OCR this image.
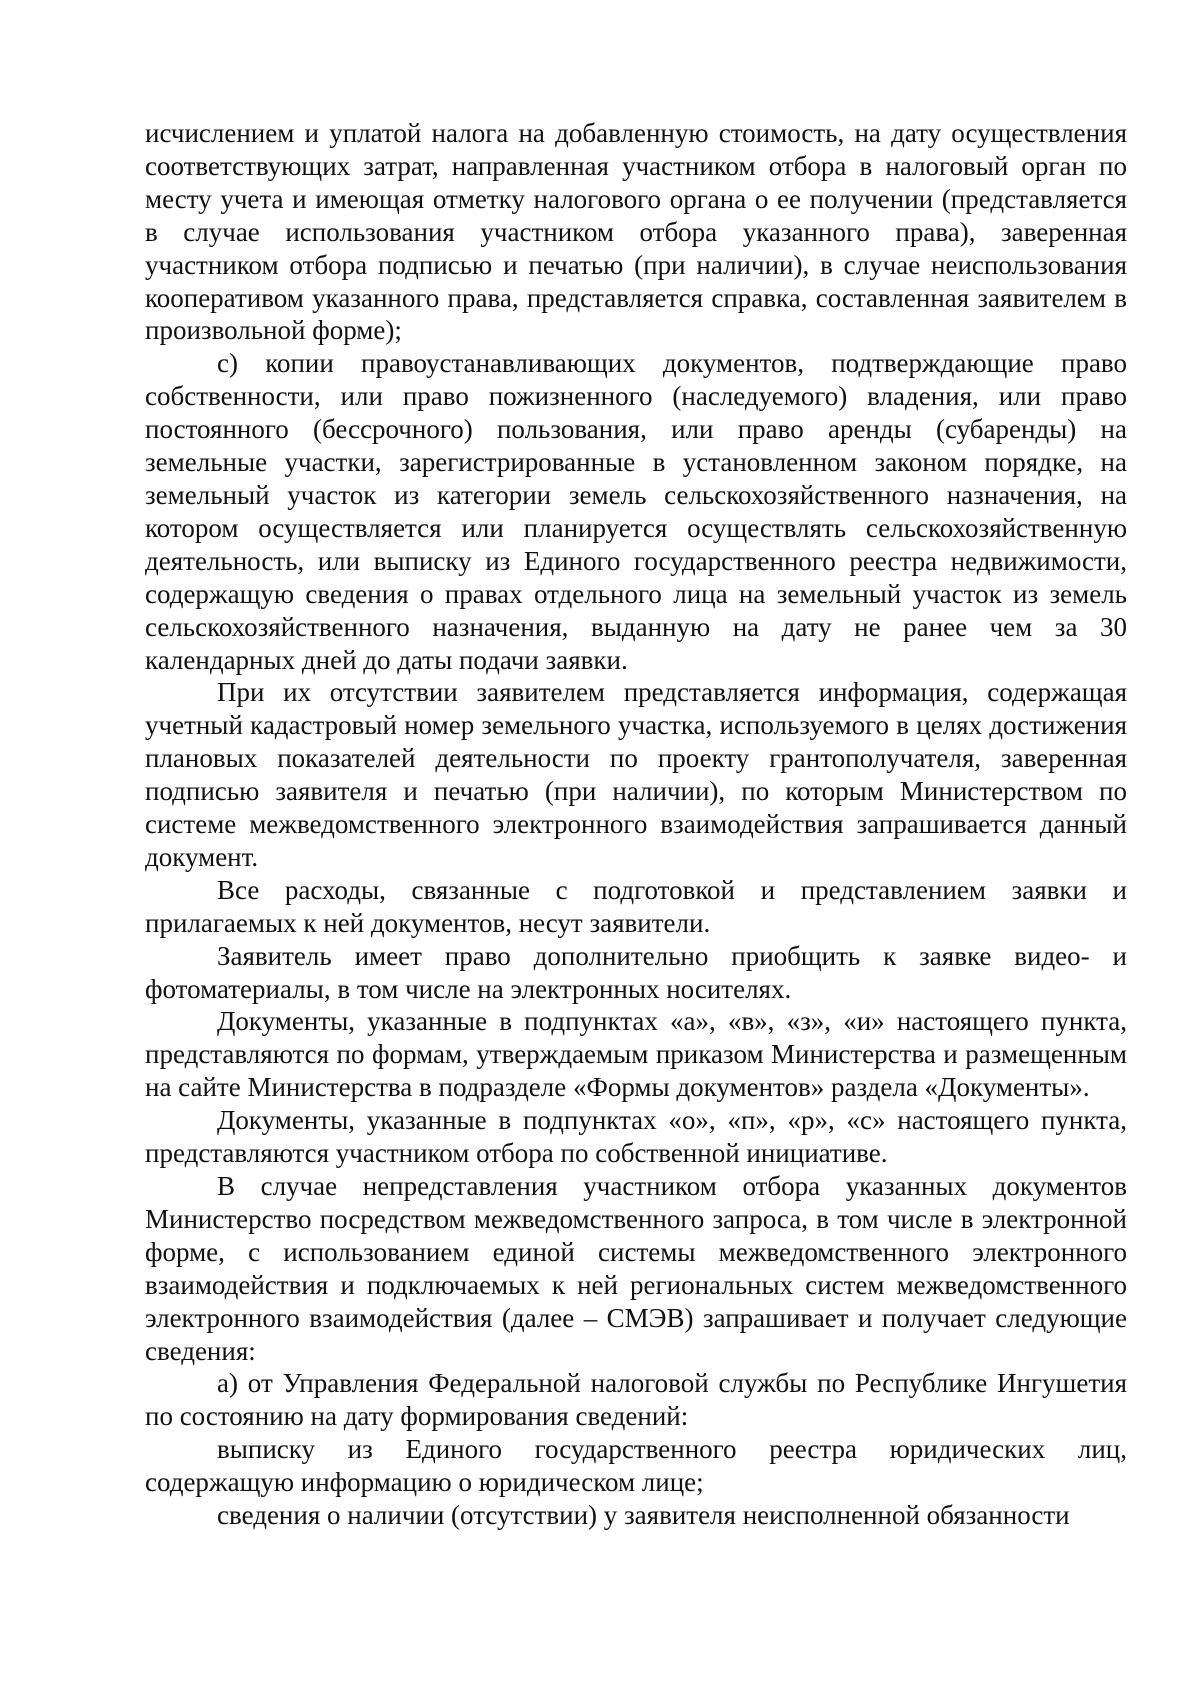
исчислением и уплатой налога на добавленную стоимость, на дату осуществления соответствующих затрат, направленная участником отбора в налоговый орган по месту учета и имеющая отметку налогового органа о ее получении (представляется в случае использования участником отбора указанного права), заверенная участником отбора подписью и печатью (при наличии), в случае неиспользования кооперативом указанного права, представляется справка, составленная заявителем в произвольной форме);

с) копии правоустанавливающих документов, подтверждающие право собственности, или право пожизненного (наследуемого) владения, или право постоянного (бессрочного) пользования, или право аренды (субаренды) на земельные участки, зарегистрированные в установленном законом порядке, на земельный участок из категории земель сельскохозяйственного назначения, на котором осуществляется или планируется осуществлять сельскохозяйственную деятельность, или выписку из Единого государственного реестра недвижимости, содержащую сведения о правах отдельного лица на земельный участок из земель сельскохозяйственного назначения, выданную на дату не ранее чем за 30 календарных дней до даты подачи заявки.

При их отсутствии заявителем представляется информация, содержащая учетный кадастровый номер земельного участка, используемого в целях достижения плановых показателей деятельности по проекту грантополучателя, заверенная подписью заявителя и печатью (при наличии), по которым Министерством по системе межведомственного электронного взаимодействия запрашивается данный документ.

Все расходы, связанные с подготовкой и представлением заявки и прилагаемых к ней документов, несут заявители.

Заявитель имеет право дополнительно приобщить к заявке видео- и фотоматериалы, в том числе на электронных носителях.

Документы, указанные в подпунктах «а», «в», «з», «и» настоящего пункта, представляются по формам, утверждаемым приказом Министерства и размещенным на сайте Министерства в подразделе «Формы документов» раздела «Документы».

Документы, указанные в подпунктах «о», «п», «р», «с» настоящего пункта, представляются участником отбора по собственной инициативе.

В случае непредставления участником отбора указанных документов Министерство посредством межведомственного запроса, в том числе в электронной форме, с использованием единой системы межведомственного электронного взаимодействия и подключаемых к ней региональных систем межведомственного электронного взаимодействия (далее – СМЭВ) запрашивает и получает следующие сведения:

а) от Управления Федеральной налоговой службы по Республике Ингушетия по состоянию на дату формирования сведений:

выписку из Единого государственного реестра юридических лиц, содержащую информацию о юридическом лице;

сведения о наличии (отсутствии) у заявителя неисполненной обязанности
